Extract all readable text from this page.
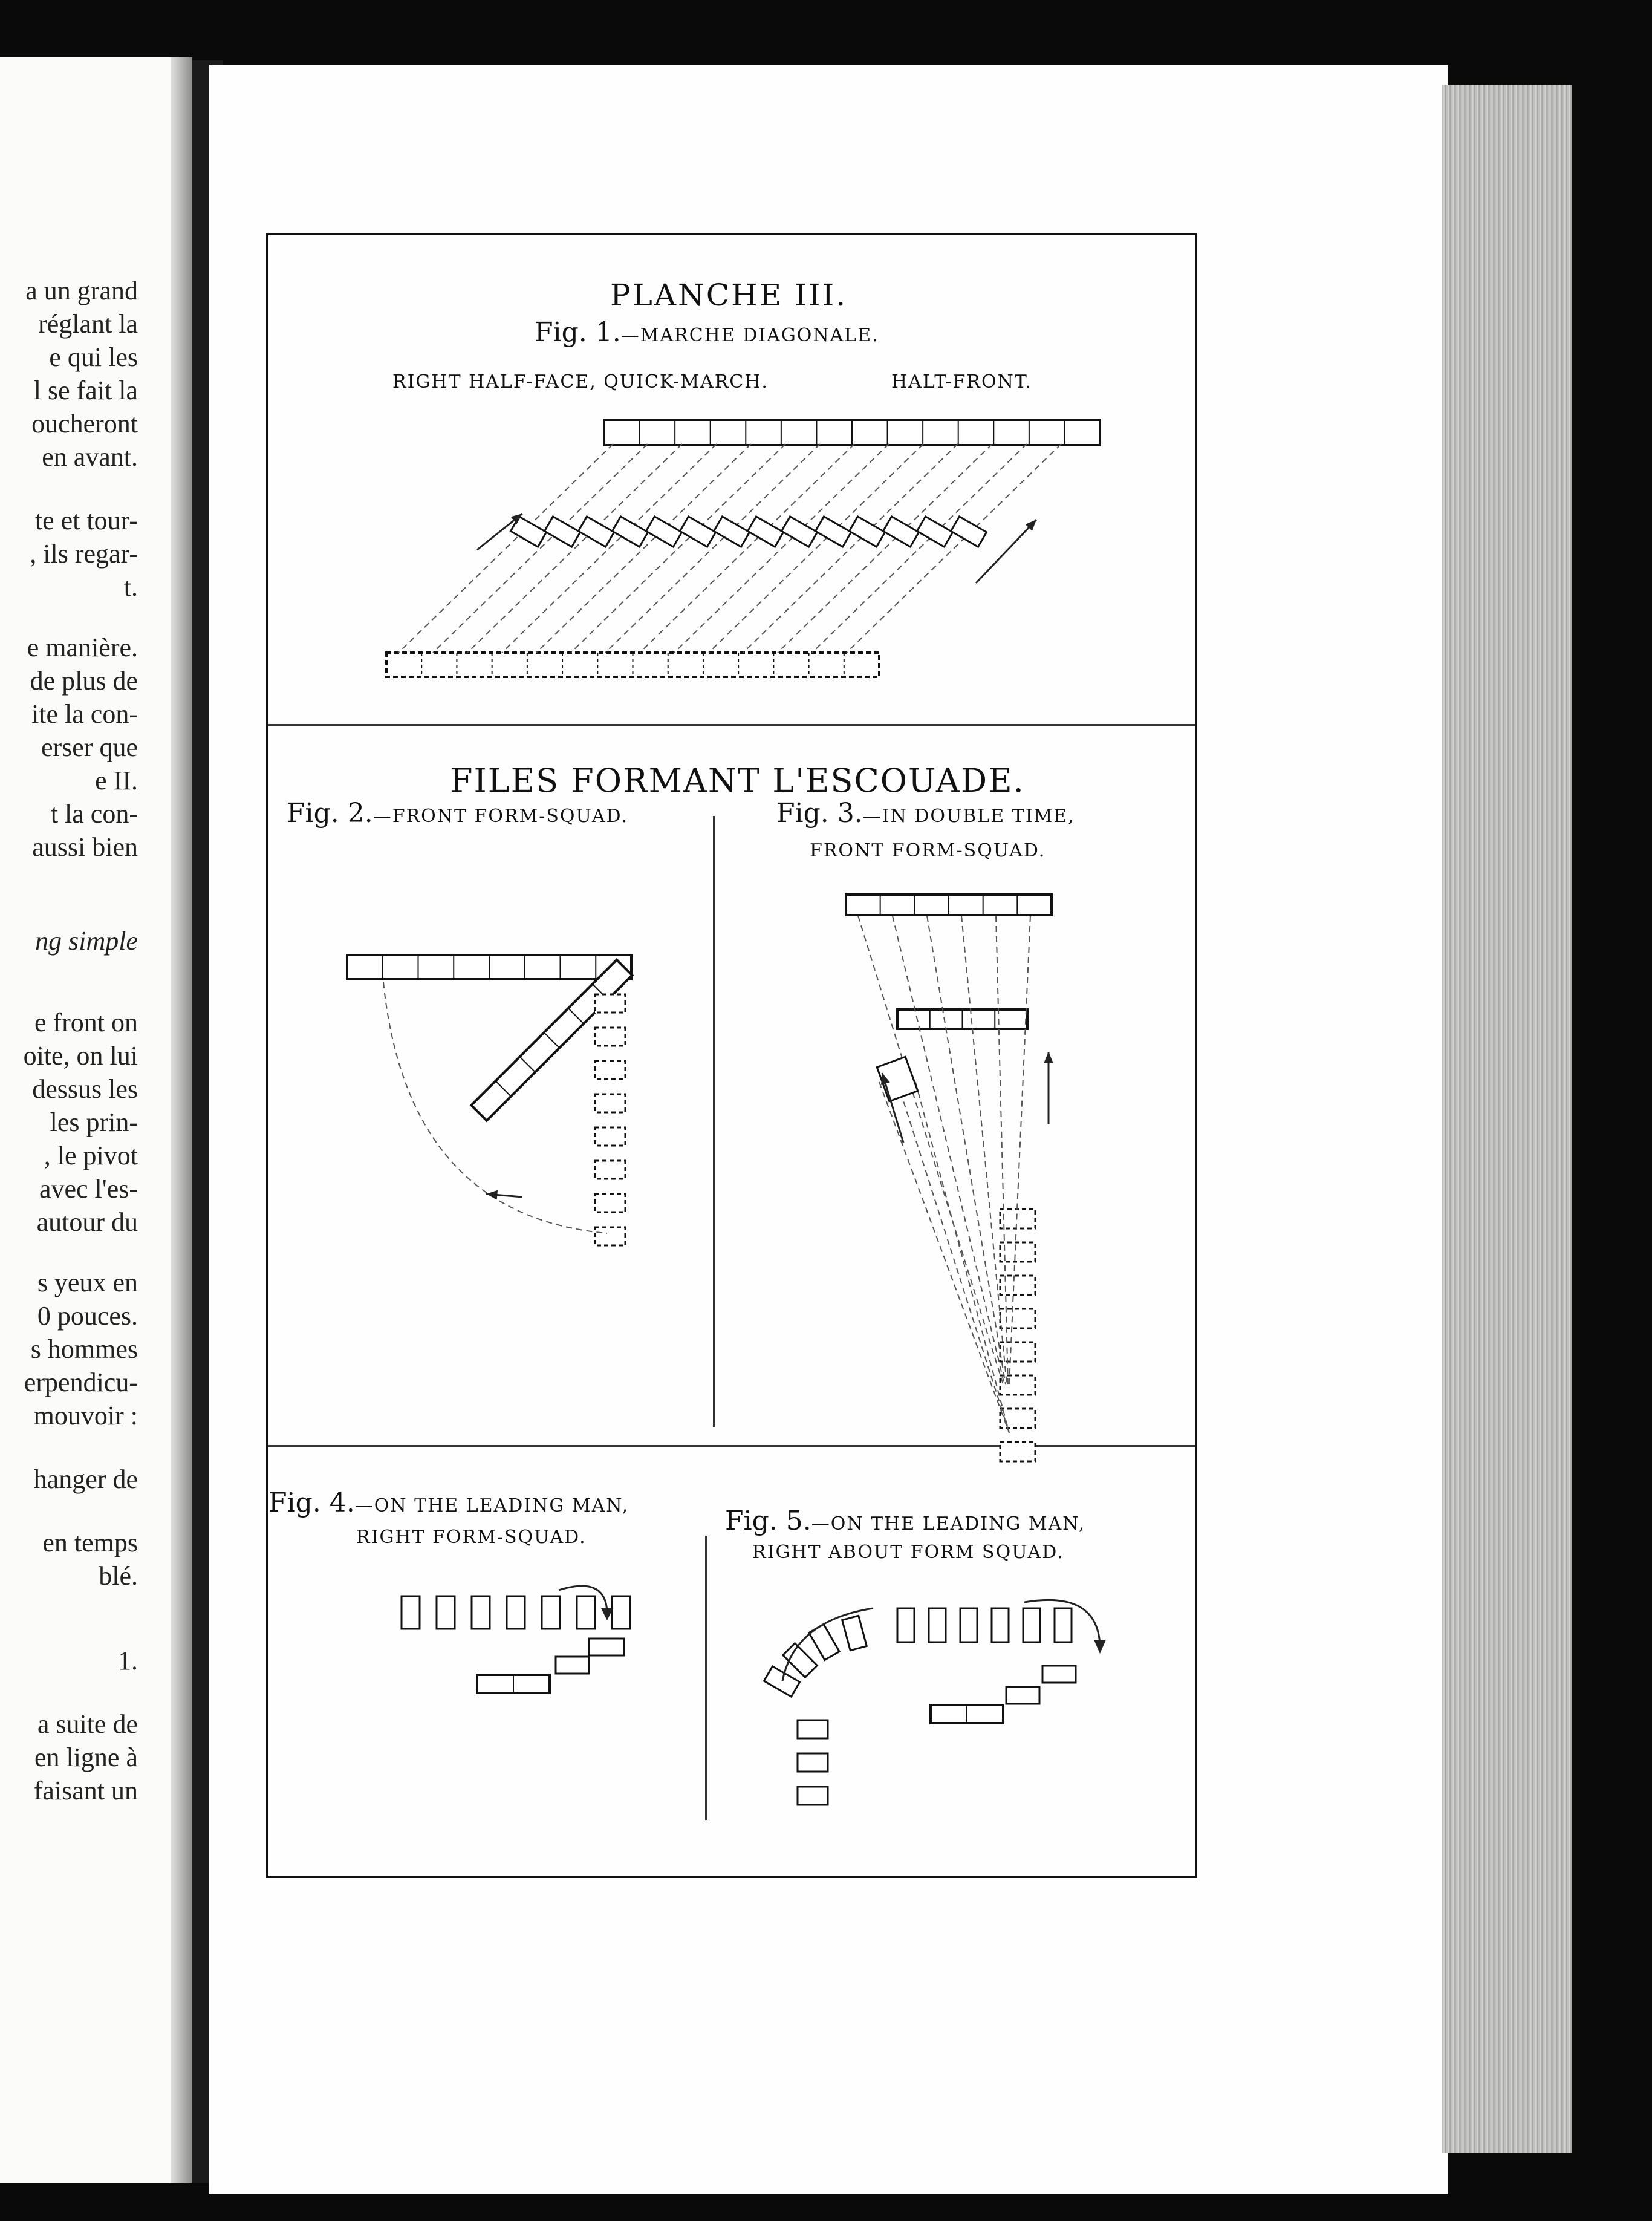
a un grand
réglant la
e qui les
l se fait la
oucheront
en avant.
te et tour-
, ils regar-
t.
e manière.
de plus de
ite la con-
erser que
e II.
t la con-
aussi bien
ng simple
e front on
oite, on lui
dessus les
les prin-
, le pivot
avec l'es-
autour du
s yeux en
0 pouces.
s hommes
erpendicu-
mouvoir :
hanger de
en temps
blé.
1.
a suite de
en ligne à
faisant un
PLANCHE III.
Fig. 1.—MARCHE DIAGONALE.
RIGHT HALF-FACE, QUICK-MARCH.	HALT-FRONT.
FILES FORMANT L'ESCOUADE.
Fig. 2.—FRONT FORM-SQUAD.	Fig. 3.—IN DOUBLE TIME,
FRONT FORM-SQUAD.
Fig. 4.—ON THE LEADING MAN,
RIGHT FORM-SQUAD.
Fig. 5.—ON THE LEADING MAN,
RIGHT ABOUT FORM SQUAD.
